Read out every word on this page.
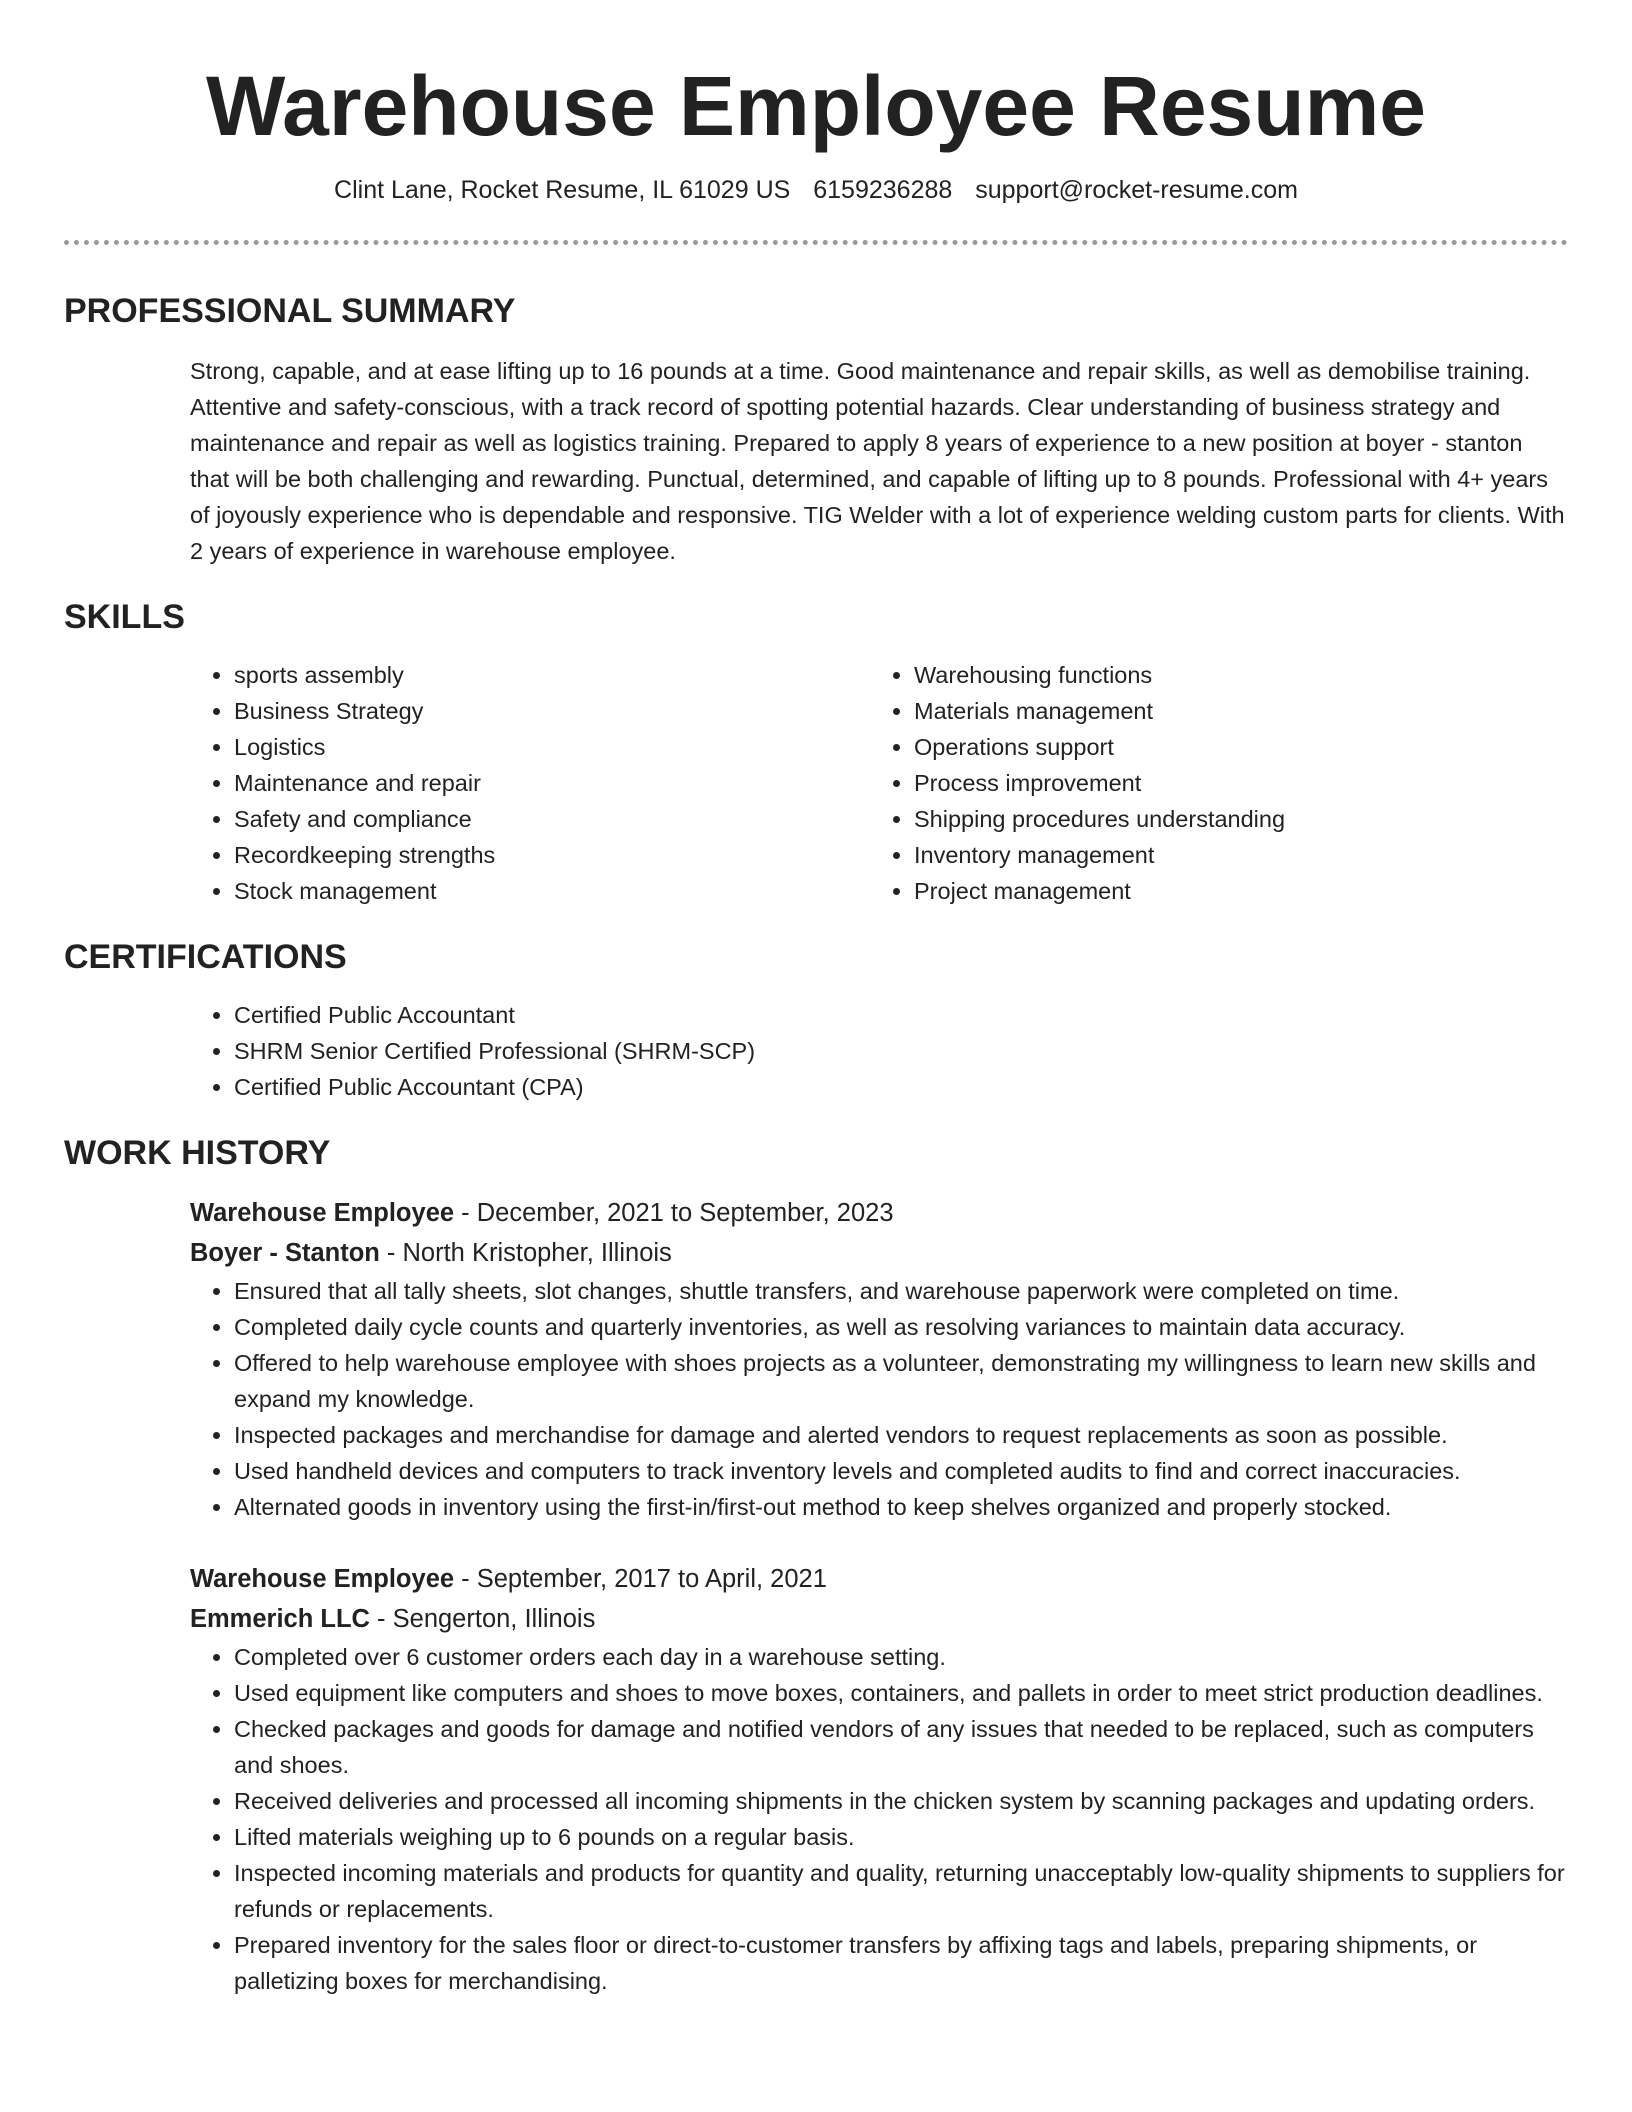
Warehouse Employee Resume
Clint Lane, Rocket Resume, IL 61029 US 6159236288 support@rocket-resume.com
PROFESSIONAL SUMMARY

Strong, capable, and at ease lifting up to 16 pounds at a time. Good maintenance and repair skills, as well as demobilise training. Attentive and safety-conscious, with a track record of spotting potential hazards. Clear understanding of business strategy and maintenance and repair as well as logistics training. Prepared to apply 8 years of experience to a new position at boyer - stanton that will be both challenging and rewarding. Punctual, determined, and capable of lifting up to 8 pounds. Professional with 4+ years of joyously experience who is dependable and responsive. TIG Welder with a lot of experience welding custom parts for clients. With 2 years of experience in warehouse employee.

SKILLS
• sports assembly
• Business Strategy
• Logistics
• Maintenance and repair
• Safety and compliance
• Recordkeeping strengths
• Stock management
• Warehousing functions
• Materials management
• Operations support
• Process improvement
• Shipping procedures understanding
• Inventory management
• Project management
CERTIFICATIONS
• Certified Public Accountant
• SHRM Senior Certified Professional (SHRM-SCP)
• Certified Public Accountant (CPA)
WORK HISTORY
Warehouse Employee - December, 2021 to September, 2023
Boyer - Stanton - North Kristopher, Illinois
• Ensured that all tally sheets, slot changes, shuttle transfers, and warehouse paperwork were completed on time.
• Completed daily cycle counts and quarterly inventories, as well as resolving variances to maintain data accuracy.
• Offered to help warehouse employee with shoes projects as a volunteer, demonstrating my willingness to learn new skills and expand my knowledge.
• Inspected packages and merchandise for damage and alerted vendors to request replacements as soon as possible.
• Used handheld devices and computers to track inventory levels and completed audits to find and correct inaccuracies.
• Alternated goods in inventory using the first-in/first-out method to keep shelves organized and properly stocked.
Warehouse Employee - September, 2017 to April, 2021
Emmerich LLC - Sengerton, Illinois
• Completed over 6 customer orders each day in a warehouse setting.
• Used equipment like computers and shoes to move boxes, containers, and pallets in order to meet strict production deadlines.
• Checked packages and goods for damage and notified vendors of any issues that needed to be replaced, such as computers and shoes.
• Received deliveries and processed all incoming shipments in the chicken system by scanning packages and updating orders.
• Lifted materials weighing up to 6 pounds on a regular basis.
• Inspected incoming materials and products for quantity and quality, returning unacceptably low-quality shipments to suppliers for refunds or replacements.
• Prepared inventory for the sales floor or direct-to-customer transfers by affixing tags and labels, preparing shipments, or palletizing boxes for merchandising.
